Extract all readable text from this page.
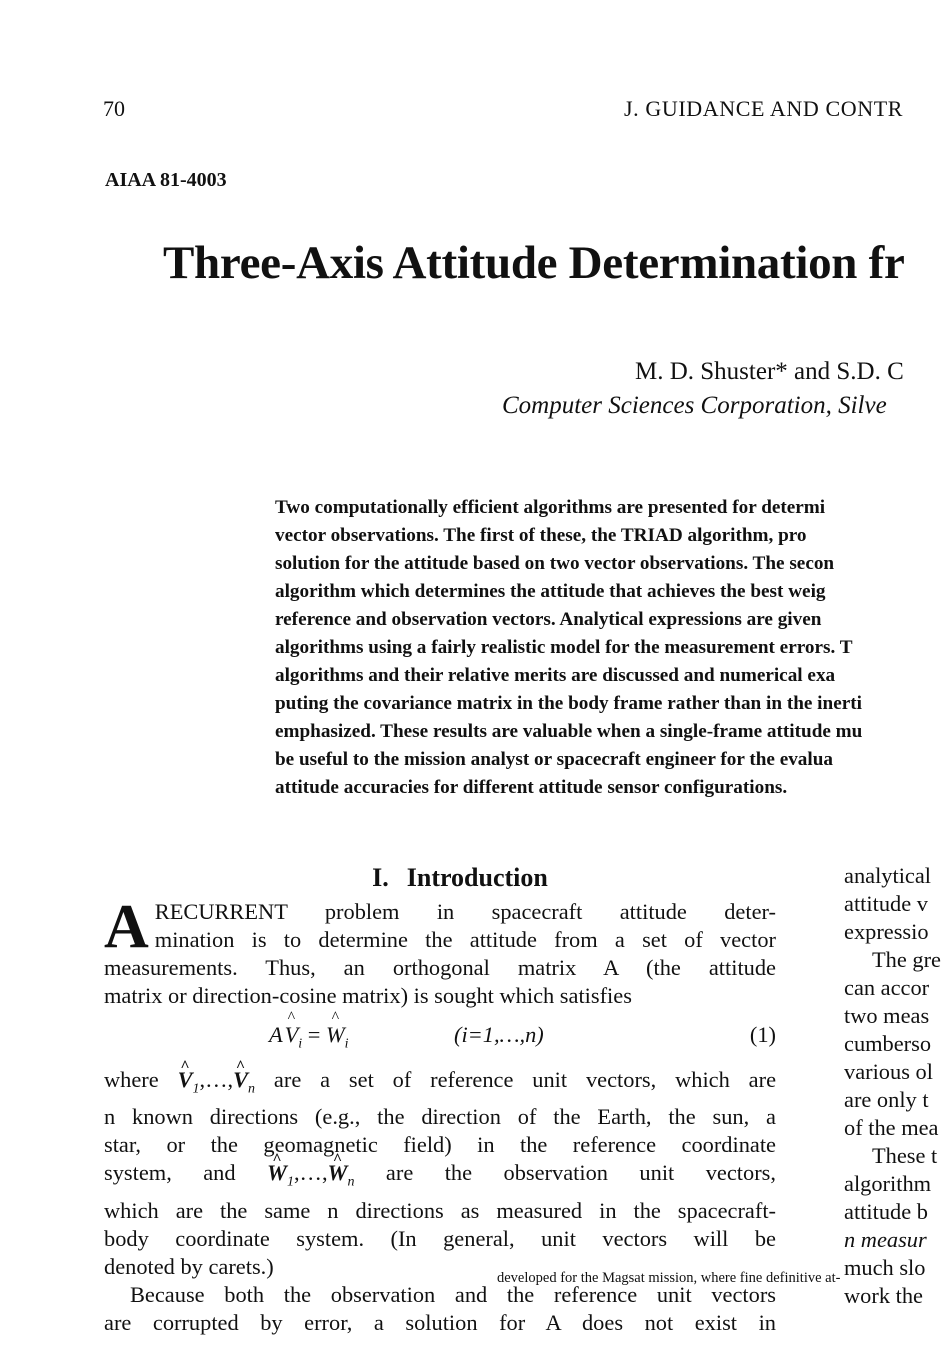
70	J. GUIDANCE AND CONTR
AIAA 81-4003
Three-Axis Attitude Determination fr
M. D. Shuster* and S.D. C
Computer Sciences Corporation, Silve
Two computationally efficient algorithms are presented for determi
vector observations. The first of these, the TRIAD algorithm, pro
solution for the attitude based on two vector observations. The secon
algorithm which determines the attitude that achieves the best weig
reference and observation vectors. Analytical expressions are given
algorithms using a fairly realistic model for the measurement errors. T
algorithms and their relative merits are discussed and numerical exa
puting the covariance matrix in the body frame rather than in the inerti
emphasized. These results are valuable when a single-frame attitude mu
be useful to the mission analyst or spacecraft engineer for the evalua
attitude accuracies for different attitude sensor configurations.
I. Introduction
A RECURRENT problem in spacecraft attitude deter-
mination is to determine the attitude from a set of vector
measurements. Thus, an orthogonal matrix A (the attitude
matrix or direction-cosine matrix) is sought which satisfies
A ^ $V_i$ = ^ $W_i$	(i=1,…,n)	(1)
where ^ $V_1,\dots,\^{}$ $V_n$ are a set of reference unit vectors, which are
n known directions (e.g., the direction of the Earth, the sun, a
star, or the geomagnetic field) in the reference coordinate
system, and ^ $W_1,\dots,\^{}$ $W_n$ are the observation unit vectors,
which are the same n directions as measured in the spacecraft-
body coordinate system. (In general, unit vectors will be
denoted by carets.)
Because both the observation and the reference unit vectors
are corrupted by error, a solution for A does not exist in
analytical
attitude v
expressio
The gre
can accor
two meas
cumberso
various ol
are only t
of the mea
These t
algorithm
attitude b
n measur
much slo
work the
developed for the Magsat mission, where fine definitive at-
